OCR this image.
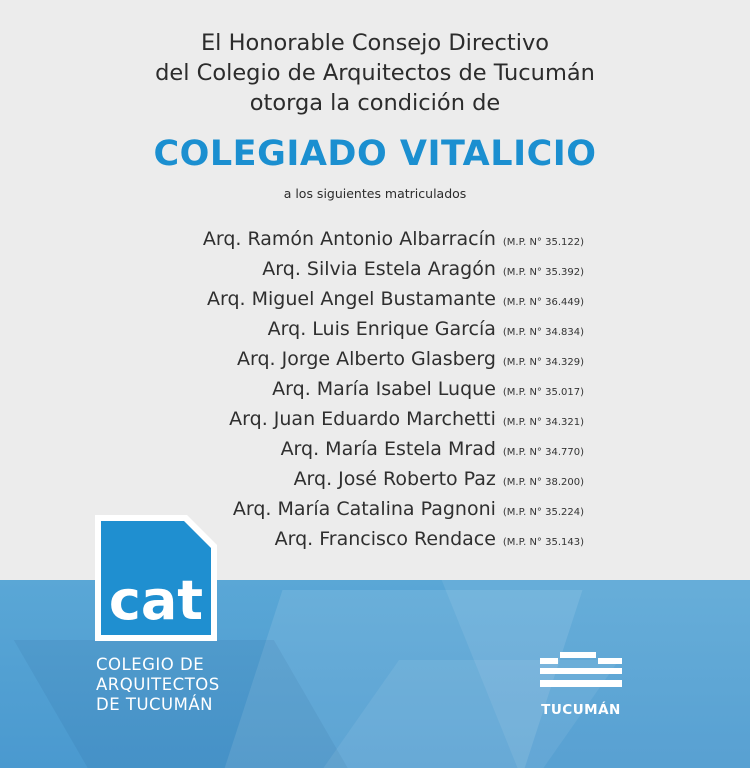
El Honorable Consejo Directivo
del Colegio de Arquitectos de Tucumán
otorga la condición de
COLEGIADO VITALICIO
a los siguientes matriculados
Arq. Ramón Antonio Albarracín (M.P. N° 35.122)
Arq. Silvia Estela Aragón (M.P. N° 35.392)
Arq. Miguel Angel Bustamante (M.P. N° 36.449)
Arq. Luis Enrique García (M.P. N° 34.834)
Arq. Jorge Alberto Glasberg (M.P. N° 34.329)
Arq. María Isabel Luque (M.P. N° 35.017)
Arq. Juan Eduardo Marchetti (M.P. N° 34.321)
Arq. María Estela Mrad (M.P. N° 34.770)
Arq. José Roberto Paz (M.P. N° 38.200)
Arq. María Catalina Pagnoni (M.P. N° 35.224)
Arq. Francisco Rendace (M.P. N° 35.143)
cat
COLEGIO DE
ARQUITECTOS
DE TUCUMÁN	TUCUMÁN
